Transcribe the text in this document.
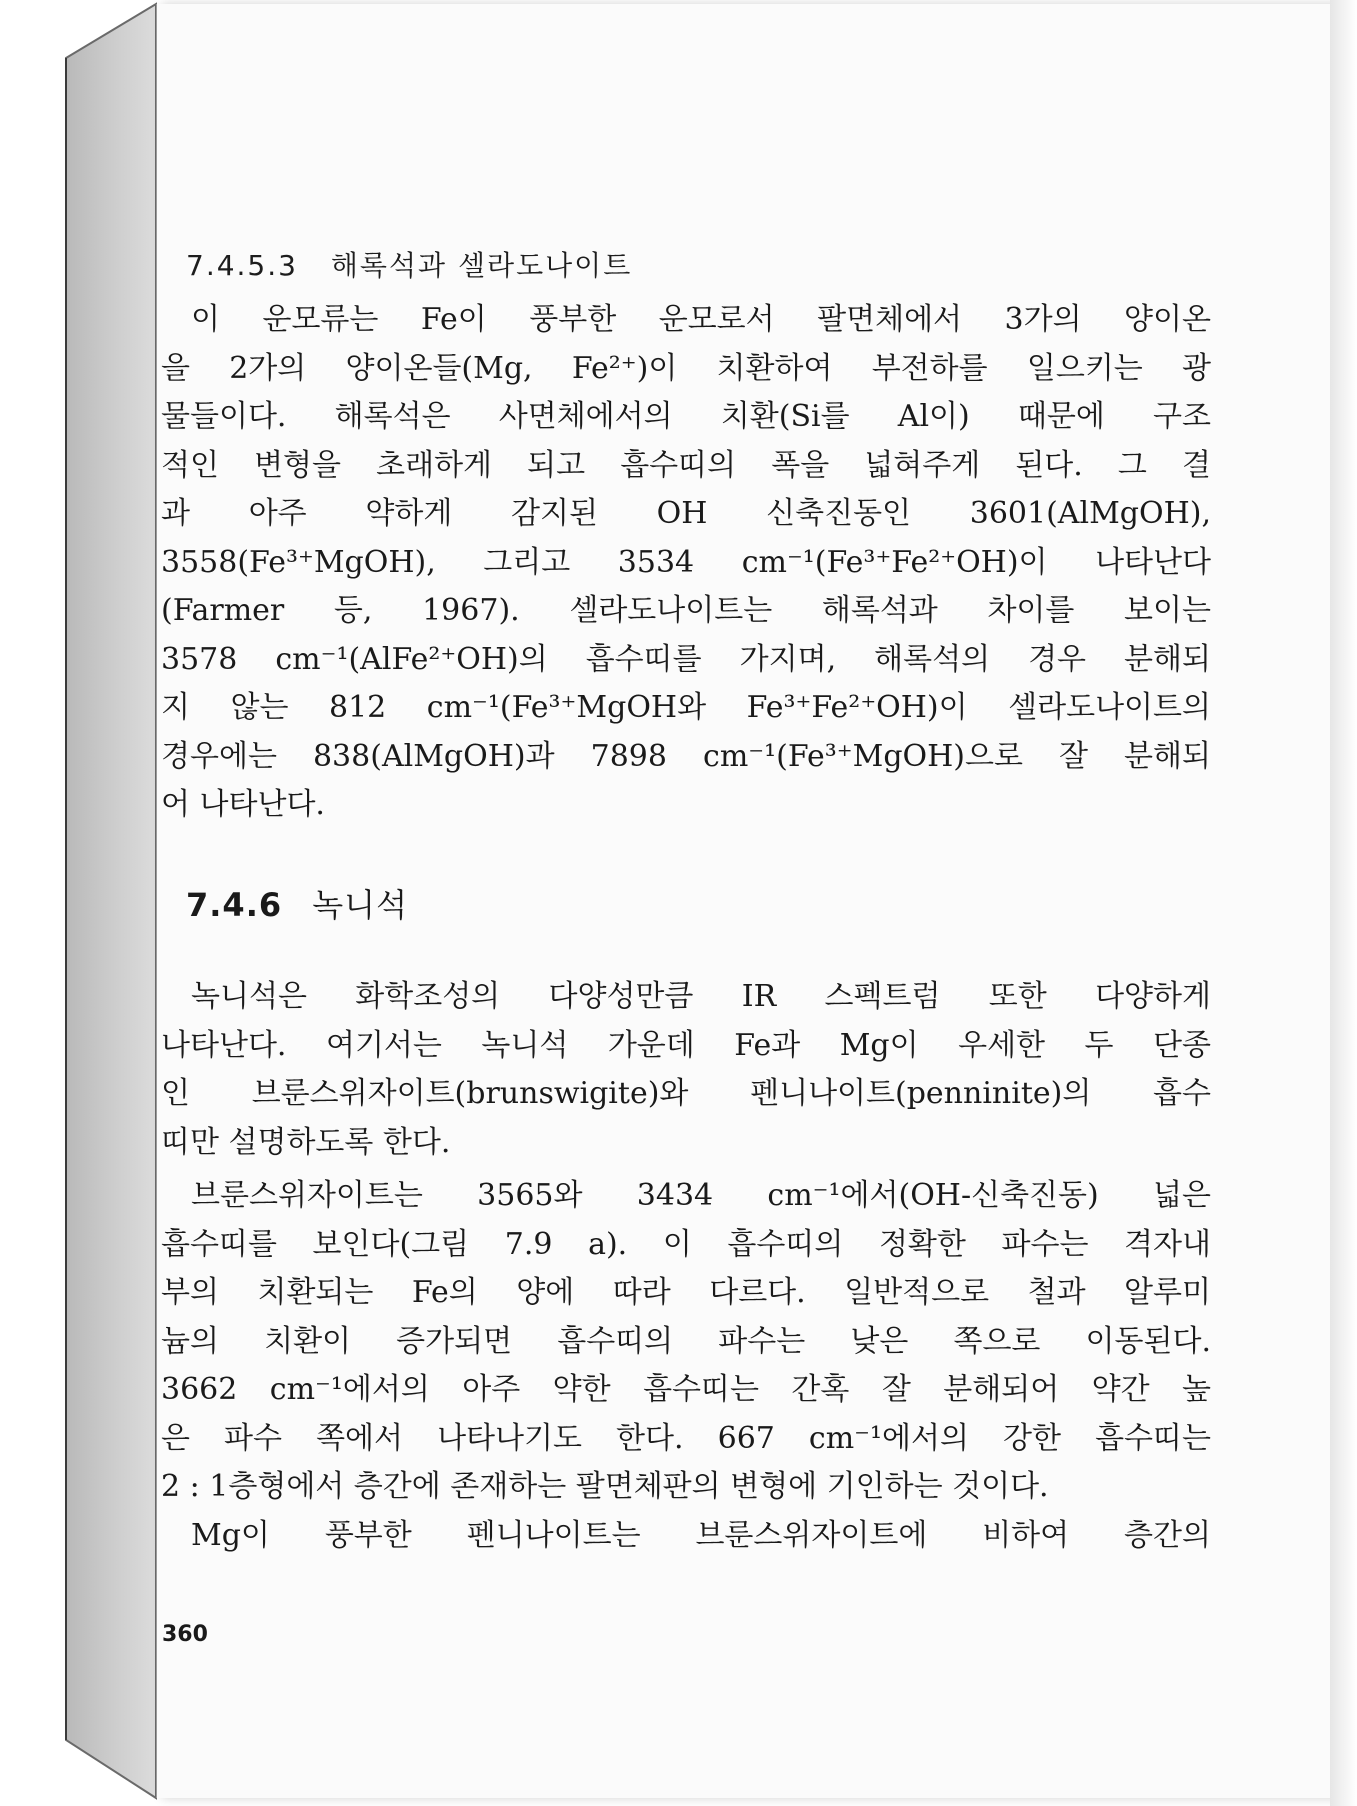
7.4.5.3 해록석과 셀라도나이트
이 운모류는 Fe이 풍부한 운모로서 팔면체에서 3가의 양이온
을 2가의 양이온들(Mg, Fe²⁺)이 치환하여 부전하를 일으키는 광
물들이다. 해록석은 사면체에서의 치환(Si를 Al이) 때문에 구조
적인 변형을 초래하게 되고 흡수띠의 폭을 넓혀주게 된다. 그 결
과 아주 약하게 감지된 OH 신축진동인 3601(AlMgOH),
3558(Fe³⁺MgOH), 그리고 3534 cm⁻¹(Fe³⁺Fe²⁺OH)이 나타난다
(Farmer 등, 1967). 셀라도나이트는 해록석과 차이를 보이는
3578 cm⁻¹(AlFe²⁺OH)의 흡수띠를 가지며, 해록석의 경우 분해되
지 않는 812 cm⁻¹(Fe³⁺MgOH와 Fe³⁺Fe²⁺OH)이 셀라도나이트의
경우에는 838(AlMgOH)과 7898 cm⁻¹(Fe³⁺MgOH)으로 잘 분해되
어 나타난다.
7.4.6 녹니석
녹니석은 화학조성의 다양성만큼 IR 스펙트럼 또한 다양하게
나타난다. 여기서는 녹니석 가운데 Fe과 Mg이 우세한 두 단종
인 브룬스위자이트(brunswigite)와 펜니나이트(penninite)의 흡수
띠만 설명하도록 한다.
브룬스위자이트는 3565와 3434 cm⁻¹에서(OH-신축진동) 넓은
흡수띠를 보인다(그림 7.9 a). 이 흡수띠의 정확한 파수는 격자내
부의 치환되는 Fe의 양에 따라 다르다. 일반적으로 철과 알루미
늄의 치환이 증가되면 흡수띠의 파수는 낮은 쪽으로 이동된다.
3662 cm⁻¹에서의 아주 약한 흡수띠는 간혹 잘 분해되어 약간 높
은 파수 쪽에서 나타나기도 한다. 667 cm⁻¹에서의 강한 흡수띠는
2 : 1층형에서 층간에 존재하는 팔면체판의 변형에 기인하는 것이다.
Mg이 풍부한 펜니나이트는 브룬스위자이트에 비하여 층간의
360
